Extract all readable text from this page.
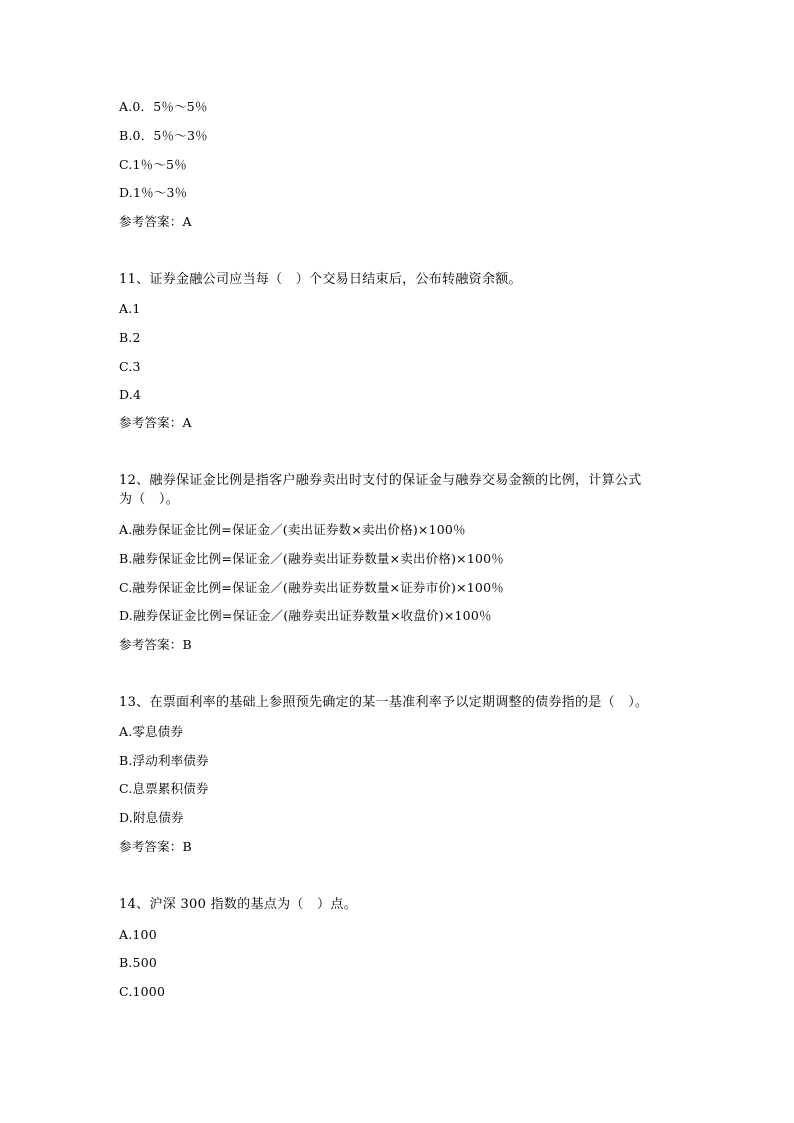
A.0．5％～5％
B.0．5％～3％
C.1％～5％
D.1％～3％
参考答案：A
11、证券金融公司应当每（　）个交易日结束后，公布转融资余额。
A.1
B.2
C.3
D.4
参考答案：A
12、融券保证金比例是指客户融券卖出时支付的保证金与融券交易金额的比例，计算公式
为（　）。
A.融券保证金比例=保证金／(卖出证券数×卖出价格)×100％
B.融券保证金比例=保证金／(融券卖出证券数量×卖出价格)×100％
C.融券保证金比例=保证金／(融券卖出证券数量×证券市价)×100％
D.融券保证金比例=保证金／(融券卖出证券数量×收盘价)×100％
参考答案：B
13、在票面利率的基础上参照预先确定的某一基准利率予以定期调整的债券指的是（　）。
A.零息债券
B.浮动利率债券
C.息票累积债券
D.附息债券
参考答案：B
14、沪深 300 指数的基点为（　）点。
A.100
B.500
C.1000
